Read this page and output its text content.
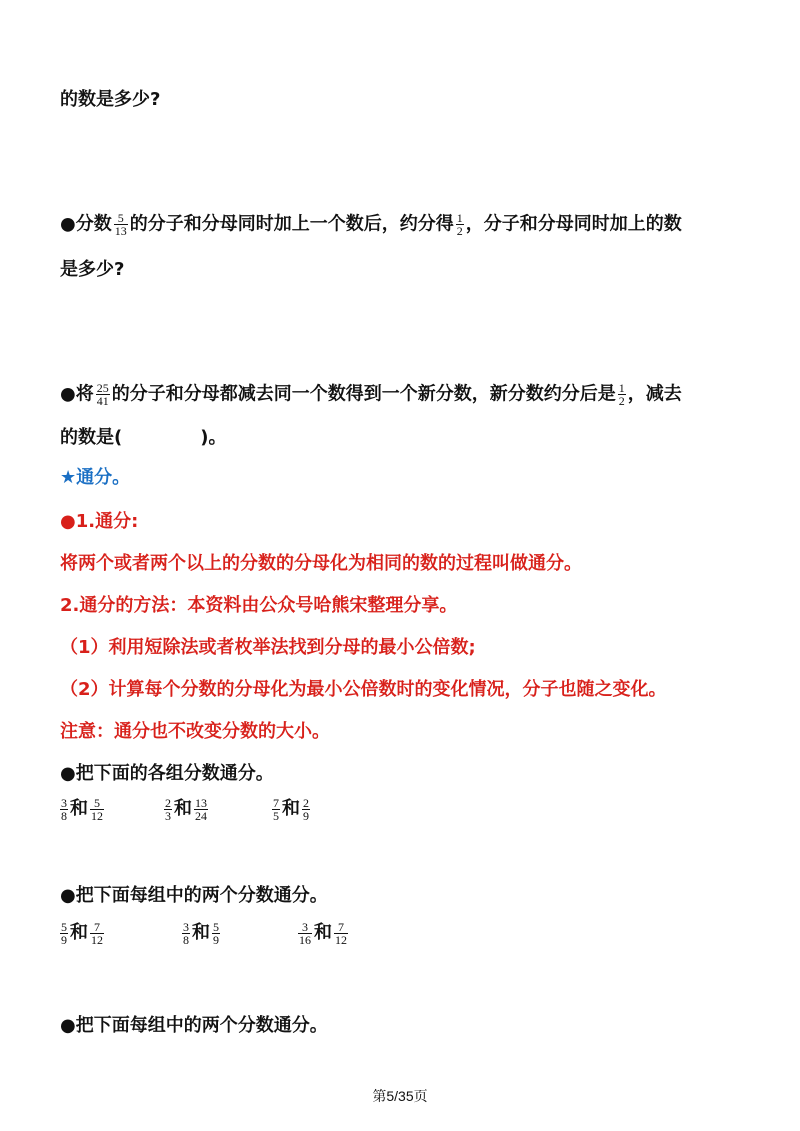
的数是多少?
●分数 $\frac{5}{13}$ 的分子和分母同时加上一个数后，约分得 $\frac{1}{2}$ ，分子和分母同时加上的数
是多少?
●将 $\frac{25}{41}$ 的分子和分母都减去同一个数得到一个新分数，新分数约分后是 $\frac{1}{2}$ ，减去
的数是(	)。
★通分。
●1.通分:
将两个或者两个以上的分数的分母化为相同的数的过程叫做通分。
2.通分的方法：本资料由公众号哈熊宋整理分享。
（1）利用短除法或者枚举法找到分母的最小公倍数;
（2）计算每个分数的分母化为最小公倍数时的变化情况，分子也随之变化。
注意：通分也不改变分数的大小。
●把下面的各组分数通分。
$\frac{3}{8}$ 和 $\frac{5}{12}$	$\frac{2}{3}$ 和 $\frac{13}{24}$	$\frac{7}{5}$ 和 $\frac{2}{9}$
●把下面每组中的两个分数通分。
$\frac{5}{9}$ 和 $\frac{7}{12}$	$\frac{3}{8}$ 和 $\frac{5}{9}$	$\frac{3}{16}$ 和 $\frac{7}{12}$
●把下面每组中的两个分数通分。
第5/35页
